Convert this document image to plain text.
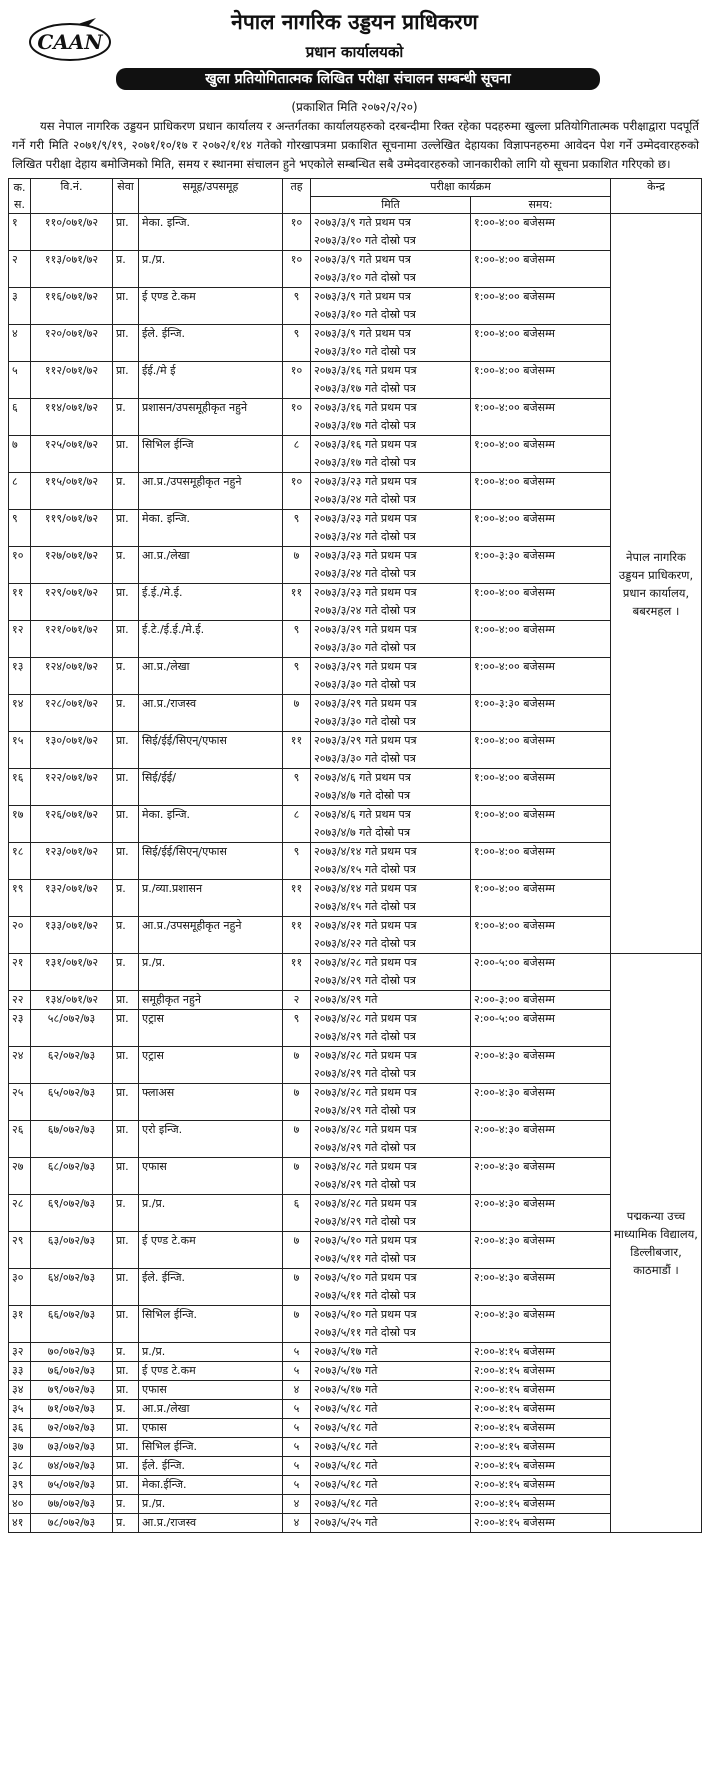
CAAN
नेपाल नागरिक उड्डयन प्राधिकरण
प्रधान कार्यालयको
खुला प्रतियोगितात्मक लिखित परीक्षा संचालन सम्बन्धी सूचना
(प्रकाशित मिति २०७२/२/२०)
यस नेपाल नागरिक उड्डयन प्राधिकरण प्रधान कार्यालय र अन्तर्गतका कार्यालयहरुको दरबन्दीमा रिक्त रहेका पदहरुमा खुल्ला प्रतियोगितात्मक परीक्षाद्वारा पदपूर्ति गर्ने गरी मिति २०७१/९/१९, २०७१/१०/१७ र २०७२/१/१४ गतेको गोरखापत्रमा प्रकाशित सूचनामा उल्लेखित देहायका विज्ञापनहरुमा आवेदन पेश गर्ने उम्मेदवारहरुको लिखित परीक्षा देहाय बमोजिमको मिति, समय र स्थानमा संचालन हुने भएकोले सम्बन्धित सबै उम्मेदवारहरुको जानकारीको लागि यो सूचना प्रकाशित गरिएको छ।
क. स.	वि.नं.	सेवा	समूह/उपसमूह	तह	परीक्षा कार्यक्रम		केन्द्र
					मिति	समय:	
१	११०/०७१/७२	प्रा.	मेका. इन्जि.	१०	२०७३/३/९ गते प्रथम पत्र
२०७३/३/१० गते दोस्रो पत्र	१:००-४:०० बजेसम्म	नेपाल नागरिक उड्डयन प्राधिकरण, प्रधान कार्यालय, बबरमहल ।
२	११३/०७१/७२	प्र.	प्र./प्र.	१०	२०७३/३/९ गते प्रथम पत्र
२०७३/३/१० गते दोस्रो पत्र	१:००-४:०० बजेसम्म	
३	११६/०७१/७२	प्रा.	ई एण्ड टे.कम	९	२०७३/३/९ गते प्रथम पत्र
२०७३/३/१० गते दोस्रो पत्र	१:००-४:०० बजेसम्म	
४	१२०/०७१/७२	प्रा.	ईले. ईन्जि.	९	२०७३/३/९ गते प्रथम पत्र
२०७३/३/१० गते दोस्रो पत्र	१:००-४:०० बजेसम्म	
५	११२/०७१/७२	प्रा.	ईई./मे ई	१०	२०७३/३/१६ गते प्रथम पत्र
२०७३/३/१७ गते दोस्रो पत्र	१:००-४:०० बजेसम्म	
६	११४/०७१/७२	प्र.	प्रशासन/उपसमूहीकृत नहुने	१०	२०७३/३/१६ गते प्रथम पत्र
२०७३/३/१७ गते दोस्रो पत्र	१:००-४:०० बजेसम्म	
७	१२५/०७१/७२	प्रा.	सिभिल ईन्जि	८	२०७३/३/१६ गते प्रथम पत्र
२०७३/३/१७ गते दोस्रो पत्र	१:००-४:०० बजेसम्म	
८	११५/०७१/७२	प्र.	आ.प्र./उपसमूहीकृत नहुने	१०	२०७३/३/२३ गते प्रथम पत्र
२०७३/३/२४ गते दोस्रो पत्र	१:००-४:०० बजेसम्म	
९	११९/०७१/७२	प्रा.	मेका. इन्जि.	९	२०७३/३/२३ गते प्रथम पत्र
२०७३/३/२४ गते दोस्रो पत्र	१:००-४:०० बजेसम्म	
१०	१२७/०७१/७२	प्र.	आ.प्र./लेखा	७	२०७३/३/२३ गते प्रथम पत्र
२०७३/३/२४ गते दोस्रो पत्र	१:००-३:३० बजेसम्म	
११	१२९/०७१/७२	प्रा.	ई.ई./मे.ई.	११	२०७३/३/२३ गते प्रथम पत्र
२०७३/३/२४ गते दोस्रो पत्र	१:००-४:०० बजेसम्म	
१२	१२१/०७१/७२	प्रा.	ई.टे./ई.ई./मे.ई.	९	२०७३/३/२९ गते प्रथम पत्र
२०७३/३/३० गते दोस्रो पत्र	१:००-४:०० बजेसम्म	
१३	१२४/०७१/७२	प्र.	आ.प्र./लेखा	९	२०७३/३/२९ गते प्रथम पत्र
२०७३/३/३० गते दोस्रो पत्र	१:००-४:०० बजेसम्म	
१४	१२८/०७१/७२	प्र.	आ.प्र./राजस्व	७	२०७३/३/२९ गते प्रथम पत्र
२०७३/३/३० गते दोस्रो पत्र	१:००-३:३० बजेसम्म	
१५	१३०/०७१/७२	प्रा.	सिई/ईई/सिएन्/एफास	११	२०७३/३/२९ गते प्रथम पत्र
२०७३/३/३० गते दोस्रो पत्र	१:००-४:०० बजेसम्म	
१६	१२२/०७१/७२	प्रा.	सिई/ईई/	९	२०७३/४/६ गते प्रथम पत्र
२०७३/४/७ गते दोस्रो पत्र	१:००-४:०० बजेसम्म	
१७	१२६/०७१/७२	प्रा.	मेका. इन्जि.	८	२०७३/४/६ गते प्रथम पत्र
२०७३/४/७ गते दोस्रो पत्र	१:००-४:०० बजेसम्म	
१८	१२३/०७१/७२	प्रा.	सिई/ईई/सिएन्/एफास	९	२०७३/४/१४ गते प्रथम पत्र
२०७३/४/१५ गते दोस्रो पत्र	१:००-४:०० बजेसम्म	
१९	१३२/०७१/७२	प्र.	प्र./व्या.प्रशासन	११	२०७३/४/१४ गते प्रथम पत्र
२०७३/४/१५ गते दोस्रो पत्र	१:००-४:०० बजेसम्म	
२०	१३३/०७१/७२	प्र.	आ.प्र./उपसमूहीकृत नहुने	११	२०७३/४/२१ गते प्रथम पत्र
२०७३/४/२२ गते दोस्रो पत्र	१:००-४:०० बजेसम्म	
२१	१३१/०७१/७२	प्र.	प्र./प्र.	११	२०७३/४/२८ गते प्रथम पत्र
२०७३/४/२९ गते दोस्रो पत्र	२:००-५:०० बजेसम्म	पद्मकन्या उच्च माध्यामिक विद्यालय, डिल्लीबजार, काठमाडौं ।
२२	१३४/०७१/७२	प्रा.	समूहीकृत नहुने	२	२०७३/४/२९ गते	२:००-३:०० बजेसम्म	
२३	५८/०७२/७३	प्रा.	एट्रास	९	२०७३/४/२८ गते प्रथम पत्र
२०७३/४/२९ गते दोस्रो पत्र	२:००-५:०० बजेसम्म	
२४	६२/०७२/७३	प्रा.	एट्रास	७	२०७३/४/२८ गते प्रथम पत्र
२०७३/४/२९ गते दोस्रो पत्र	२:००-४:३० बजेसम्म	
२५	६५/०७२/७३	प्रा.	फ्लाअस	७	२०७३/४/२८ गते प्रथम पत्र
२०७३/४/२९ गते दोस्रो पत्र	२:००-४:३० बजेसम्म	
२६	६७/०७२/७३	प्रा.	एरो इन्जि.	७	२०७३/४/२८ गते प्रथम पत्र
२०७३/४/२९ गते दोस्रो पत्र	२:००-४:३० बजेसम्म	
२७	६८/०७२/७३	प्रा.	एफास	७	२०७३/४/२८ गते प्रथम पत्र
२०७३/४/२९ गते दोस्रो पत्र	२:००-४:३० बजेसम्म	
२८	६९/०७२/७३	प्र.	प्र./प्र.	६	२०७३/४/२८ गते प्रथम पत्र
२०७३/४/२९ गते दोस्रो पत्र	२:००-४:३० बजेसम्म	
२९	६३/०७२/७३	प्रा.	ई एण्ड टे.कम	७	२०७३/५/१० गते प्रथम पत्र
२०७३/५/११ गते दोस्रो पत्र	२:००-४:३० बजेसम्म	
३०	६४/०७२/७३	प्रा.	ईले. ईन्जि.	७	२०७३/५/१० गते प्रथम पत्र
२०७३/५/११ गते दोस्रो पत्र	२:००-४:३० बजेसम्म	
३१	६६/०७२/७३	प्रा.	सिभिल ईन्जि.	७	२०७३/५/१० गते प्रथम पत्र
२०७३/५/११ गते दोस्रो पत्र	२:००-४:३० बजेसम्म	
३२	७०/०७२/७३	प्र.	प्र./प्र.	५	२०७३/५/१७ गते	२:००-४:१५ बजेसम्म	
३३	७६/०७२/७३	प्रा.	ई एण्ड टे.कम	५	२०७३/५/१७ गते	२:००-४:१५ बजेसम्म	
३४	७९/०७२/७३	प्रा.	एफास	४	२०७३/५/१७ गते	२:००-४:१५ बजेसम्म	
३५	७१/०७२/७३	प्र.	आ.प्र./लेखा	५	२०७३/५/१८ गते	२:००-४:१५ बजेसम्म	
३६	७२/०७२/७३	प्रा.	एफास	५	२०७३/५/१८ गते	२:००-४:१५ बजेसम्म	
३७	७३/०७२/७३	प्रा.	सिभिल ईन्जि.	५	२०७३/५/१८ गते	२:००-४:१५ बजेसम्म	
३८	७४/०७२/७३	प्रा.	ईले. ईन्जि.	५	२०७३/५/१८ गते	२:००-४:१५ बजेसम्म	
३९	७५/०७२/७३	प्रा.	मेका.ईन्जि.	५	२०७३/५/१८ गते	२:००-४:१५ बजेसम्म	
४०	७७/०७२/७३	प्र.	प्र./प्र.	४	२०७३/५/१८ गते	२:००-४:१५ बजेसम्म	
४१	७८/०७२/७३	प्र.	आ.प्र./राजस्व	४	२०७३/५/२५ गते	२:००-४:१५ बजेसम्म	
